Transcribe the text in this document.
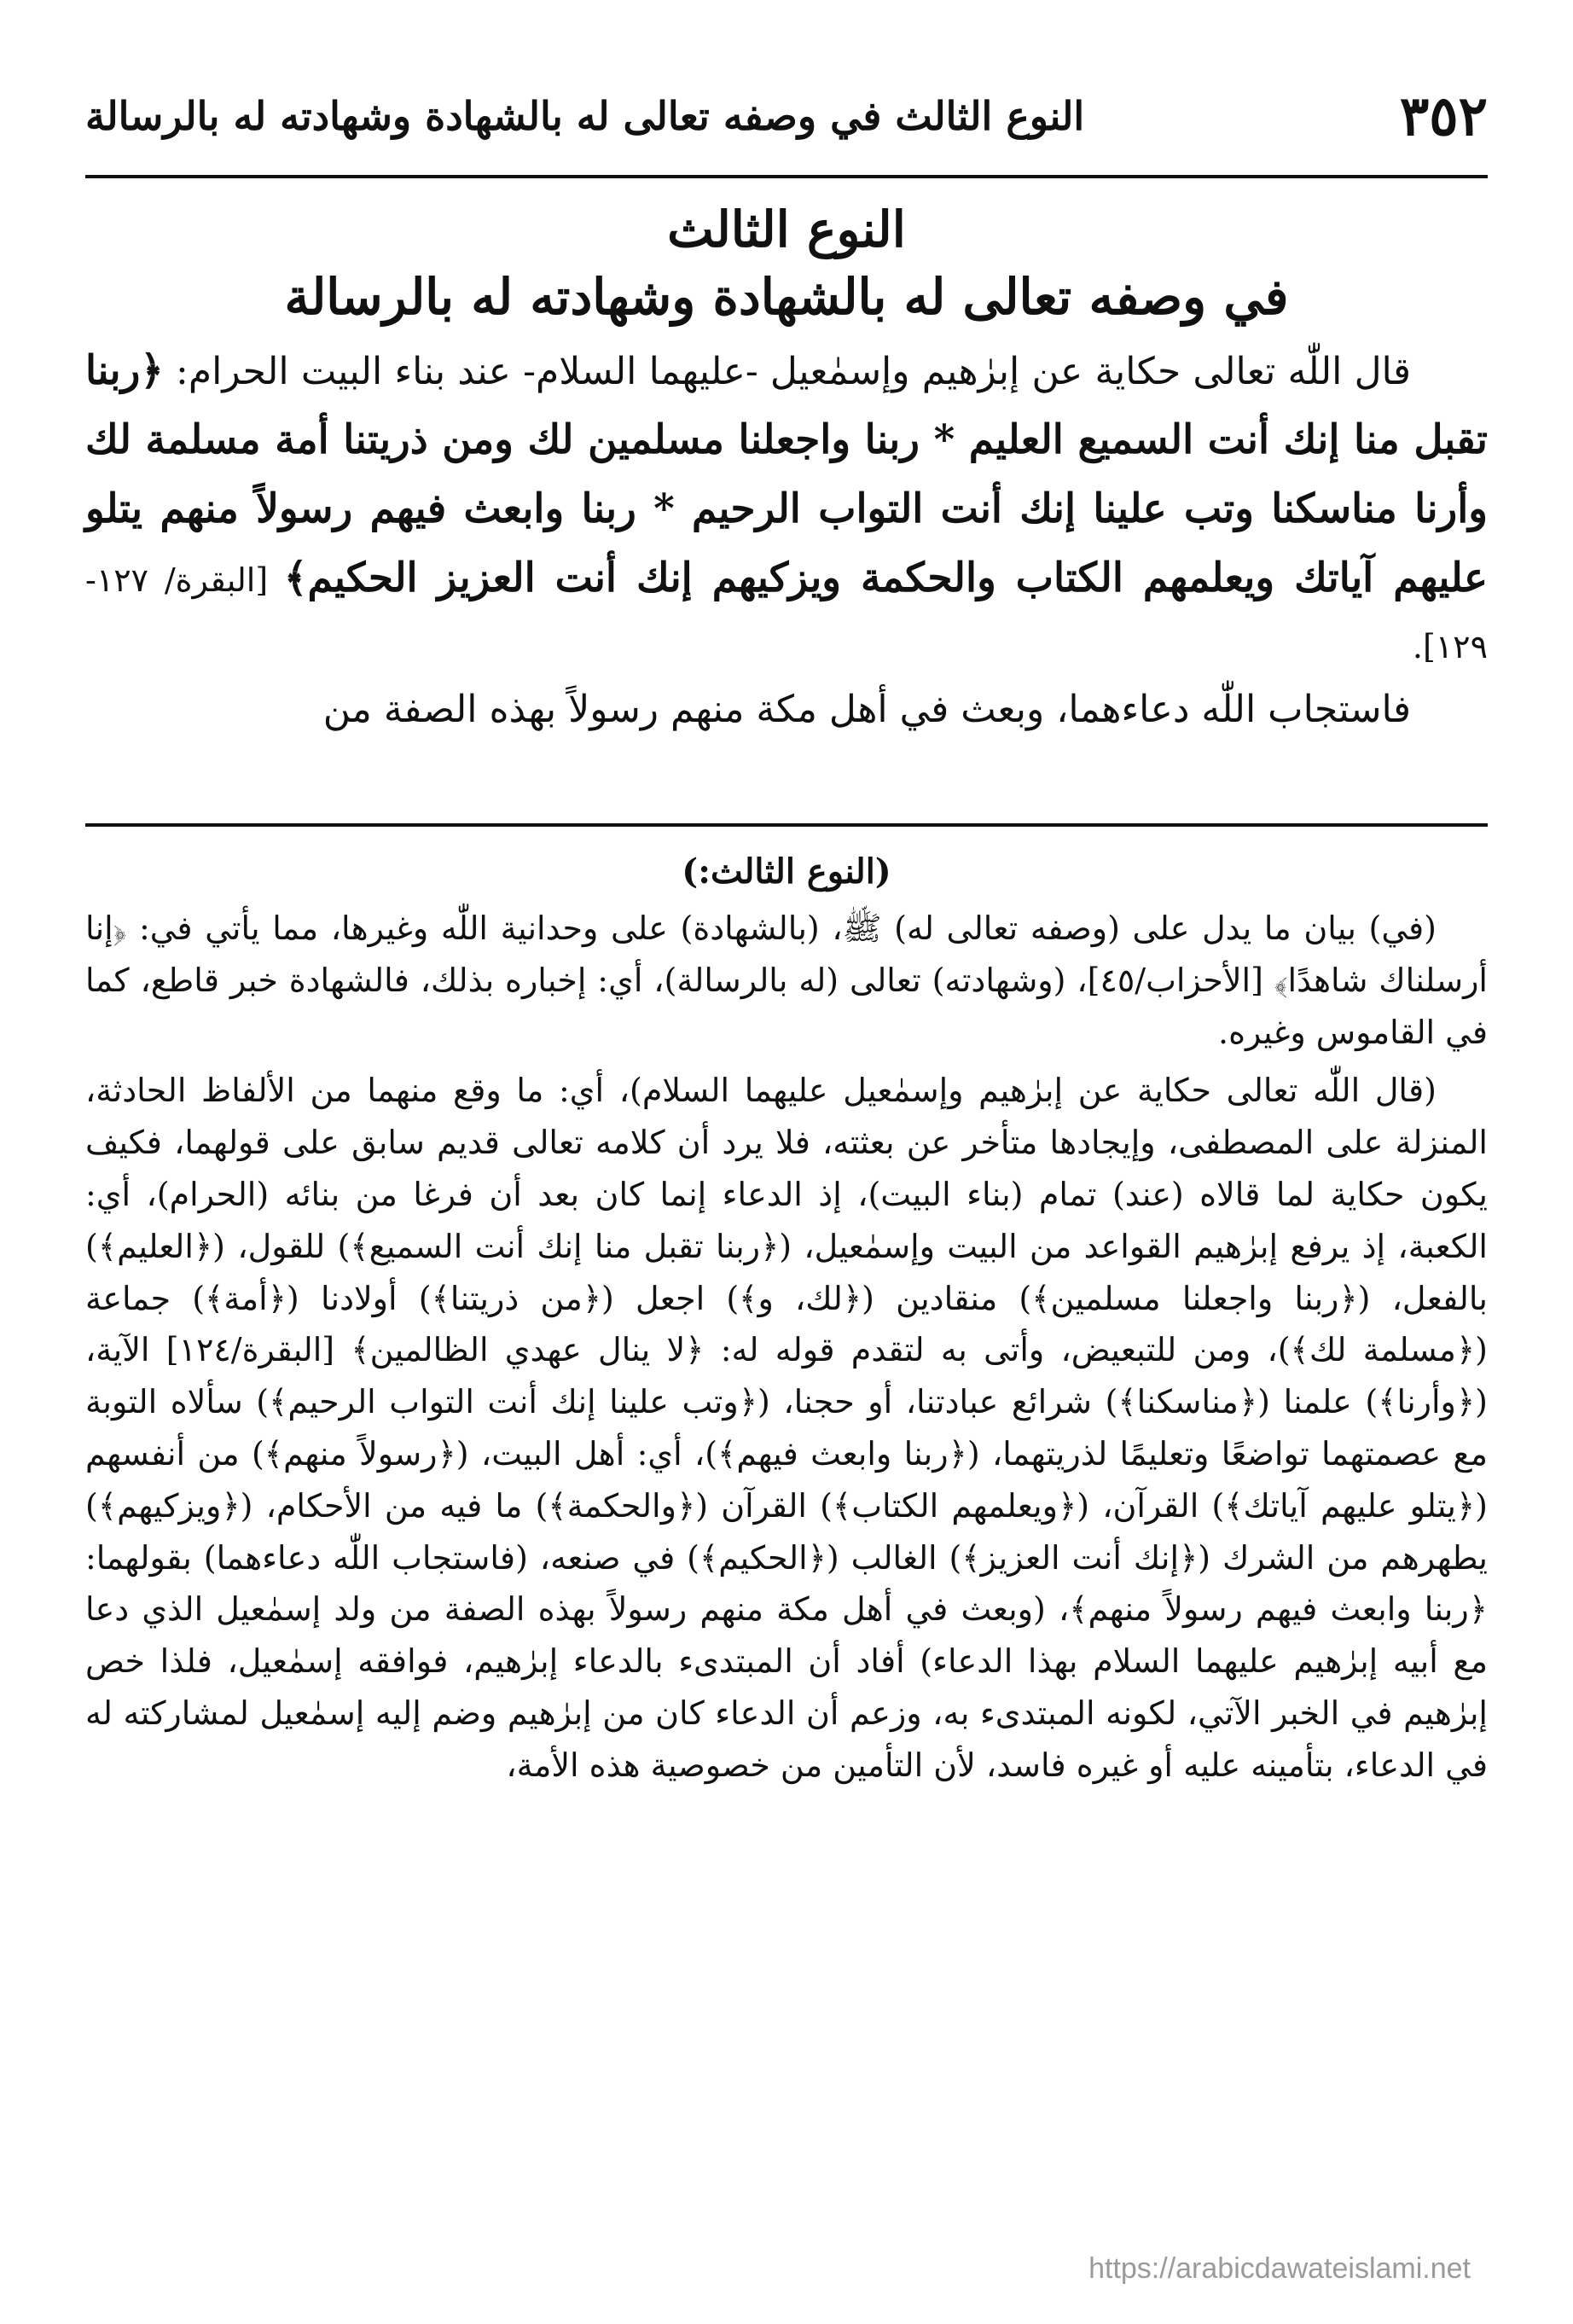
٣٥٢
النوع الثالث في وصفه تعالى له بالشهادة وشهادته له بالرسالة
النوع الثالث
في وصفه تعالى له بالشهادة وشهادته له بالرسالة

قال اللّٰه تعالى حكاية عن إبرٰهيم وإسمٰعيل -عليهما السلام- عند بناء البيت الحرام: ﴿ربنا تقبل منا إنك أنت السميع العليم * ربنا واجعلنا مسلمين لك ومن ذريتنا أمة مسلمة لك وأرنا مناسكنا وتب علينا إنك أنت التواب الرحيم * ربنا وابعث فيهم رسولاً منهم يتلو عليهم آياتك ويعلمهم الكتاب والحكمة ويزكيهم إنك أنت العزيز الحكيم﴾ [البقرة/ ١٢٧- ١٢٩].

فاستجاب اللّٰه دعاءهما، وبعث في أهل مكة منهم رسولاً بهذه الصفة من

(النوع الثالث:)

(في) بيان ما يدل على (وصفه تعالى له) ﷺ، (بالشهادة) على وحدانية اللّٰه وغيرها، مما يأتي في: ﴿إنا أرسلناك شاهدًا﴾ [الأحزاب/٤٥]، (وشهادته) تعالى (له بالرسالة)، أي: إخباره بذلك، فالشهادة خبر قاطع، كما في القاموس وغيره.

(قال اللّٰه تعالى حكاية عن إبرٰهيم وإسمٰعيل عليهما السلام)، أي: ما وقع منهما من الألفاظ الحادثة، المنزلة على المصطفى، وإيجادها متأخر عن بعثته، فلا يرد أن كلامه تعالى قديم سابق على قولهما، فكيف يكون حكاية لما قالاه (عند) تمام (بناء البيت)، إذ الدعاء إنما كان بعد أن فرغا من بنائه (الحرام)، أي: الكعبة، إذ يرفع إبرٰهيم القواعد من البيت وإسمٰعيل، (﴿ربنا تقبل منا إنك أنت السميع﴾) للقول، (﴿العليم﴾) بالفعل، (﴿ربنا واجعلنا مسلمين﴾) منقادين (﴿لك، و﴾) اجعل (﴿من ذريتنا﴾) أولادنا (﴿أمة﴾) جماعة (﴿مسلمة لك﴾)، ومن للتبعيض، وأتى به لتقدم قوله له: ﴿لا ينال عهدي الظالمين﴾ [البقرة/١٢٤] الآية، (﴿وأرنا﴾) علمنا (﴿مناسكنا﴾) شرائع عبادتنا، أو حجنا، (﴿وتب علينا إنك أنت التواب الرحيم﴾) سألاه التوبة مع عصمتهما تواضعًا وتعليمًا لذريتهما، (﴿ربنا وابعث فيهم﴾)، أي: أهل البيت، (﴿رسولاً منهم﴾) من أنفسهم (﴿يتلو عليهم آياتك﴾) القرآن، (﴿ويعلمهم الكتاب﴾) القرآن (﴿والحكمة﴾) ما فيه من الأحكام، (﴿ويزكيهم﴾) يطهرهم من الشرك (﴿إنك أنت العزيز﴾) الغالب (﴿الحكيم﴾) في صنعه، (فاستجاب اللّٰه دعاءهما) بقولهما: ﴿ربنا وابعث فيهم رسولاً منهم﴾، (وبعث في أهل مكة منهم رسولاً بهذه الصفة من ولد إسمٰعيل الذي دعا مع أبيه إبرٰهيم عليهما السلام بهذا الدعاء) أفاد أن المبتدىء بالدعاء إبرٰهيم، فوافقه إسمٰعيل، فلذا خص إبرٰهيم في الخبر الآتي، لكونه المبتدىء به، وزعم أن الدعاء كان من إبرٰهيم وضم إليه إسمٰعيل لمشاركته له في الدعاء، بتأمينه عليه أو غيره فاسد، لأن التأمين من خصوصية هذه الأمة،

https://arabicdawateislami.net
